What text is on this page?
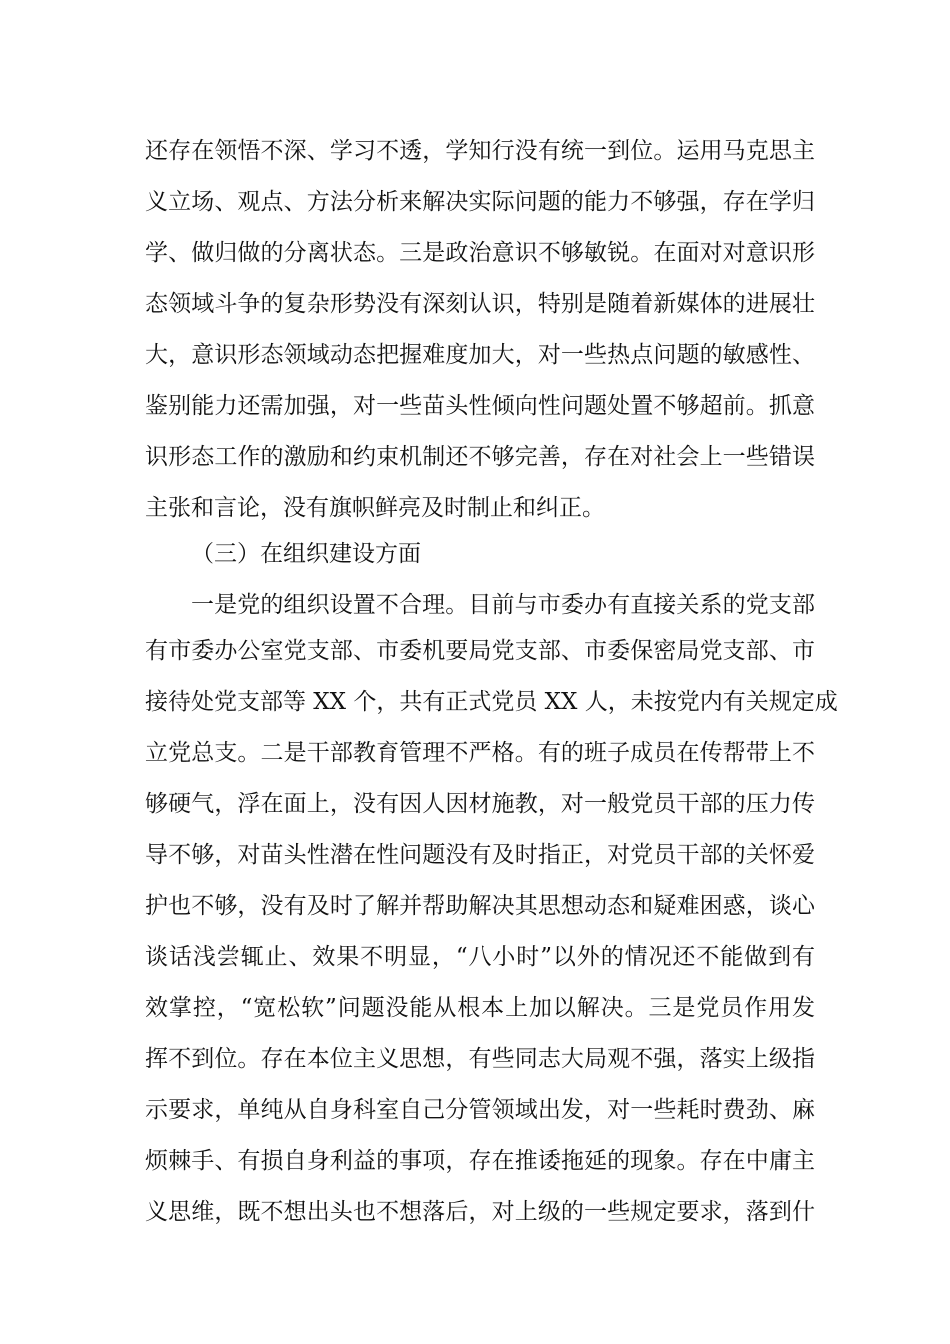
还存在领悟不深、学习不透，学知行没有统一到位。运用马克思主
义立场、观点、方法分析来解决实际问题的能力不够强，存在学归
学、做归做的分离状态。三是政治意识不够敏锐。在面对对意识形
态领域斗争的复杂形势没有深刻认识，特别是随着新媒体的进展壮
大，意识形态领域动态把握难度加大，对一些热点问题的敏感性、
鉴别能力还需加强，对一些苗头性倾向性问题处置不够超前。抓意
识形态工作的激励和约束机制还不够完善，存在对社会上一些错误
主张和言论，没有旗帜鲜亮及时制止和纠正。
（三）在组织建设方面
一是党的组织设置不合理。目前与市委办有直接关系的党支部
有市委办公室党支部、市委机要局党支部、市委保密局党支部、市
接待处党支部等 XX 个，共有正式党员 XX 人，未按党内有关规定成
立党总支。二是干部教育管理不严格。有的班子成员在传帮带上不
够硬气，浮在面上，没有因人因材施教，对一般党员干部的压力传
导不够，对苗头性潜在性问题没有及时指正，对党员干部的关怀爱
护也不够，没有及时了解并帮助解决其思想动态和疑难困惑，谈心
谈话浅尝辄止、效果不明显，“八小时”以外的情况还不能做到有
效掌控，“宽松软”问题没能从根本上加以解决。三是党员作用发
挥不到位。存在本位主义思想，有些同志大局观不强，落实上级指
示要求，单纯从自身科室自己分管领域出发，对一些耗时费劲、麻
烦棘手、有损自身利益的事项，存在推诿拖延的现象。存在中庸主
义思维，既不想出头也不想落后，对上级的一些规定要求，落到什
